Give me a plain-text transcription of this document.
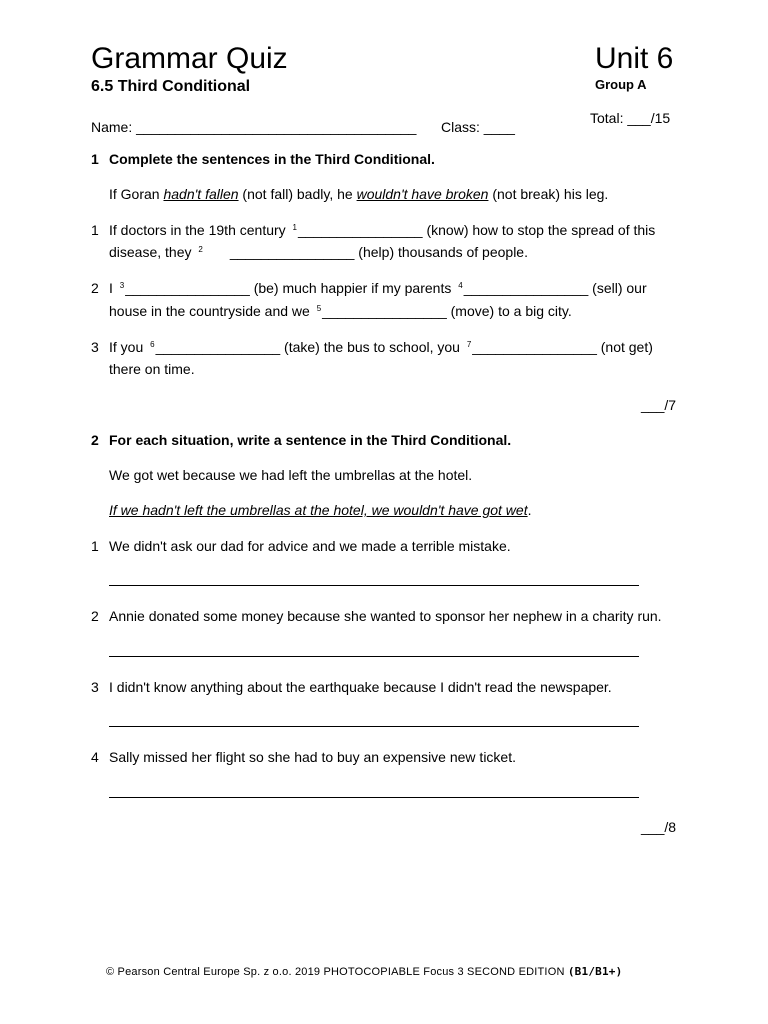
Grammar Quiz	Unit 6
6.5 Third Conditional	Group A
Total: ___/15
Name: ____________________________________ Class: ____
1 Complete the sentences in the Third Conditional.
If Goran hadn't fallen (not fall) badly, he wouldn't have broken (not break) his leg.
1 If doctors in the 19th century $^1$________________ (know) how to stop the spread of this
disease, they $^2$ ________________ (help) thousands of people.
2 I $^3$________________ (be) much happier if my parents $^4$________________ (sell) our
house in the countryside and we $^5$________________ (move) to a big city.
3 If you $^6$________________ (take) the bus to school, you $^7$________________ (not get)
there on time.
___/7
2 For each situation, write a sentence in the Third Conditional.
We got wet because we had left the umbrellas at the hotel.
If we hadn't left the umbrellas at the hotel, we wouldn't have got wet.
1 We didn't ask our dad for advice and we made a terrible mistake.
2 Annie donated some money because she wanted to sponsor her nephew in a charity run.
3 I didn't know anything about the earthquake because I didn't read the newspaper.
4 Sally missed her flight so she had to buy an expensive new ticket.
___/8
© Pearson Central Europe Sp. z o.o. 2019 PHOTOCOPIABLE Focus 3 SECOND EDITION (B1/B1+)
